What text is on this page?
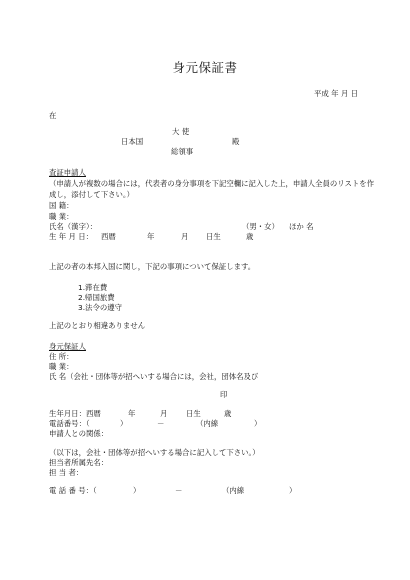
身元保証書
平成 年 月 日
在
大 使
日本国	殿
総領事
査証申請人
（申請人が複数の場合には，代表者の身分事項を下記空欄に記入した上，申請人全員のリストを作成し，添付して下さい。）
国 籍：
職 業：
氏名（漢字）：	（男・女） ほか 名
生 年 月 日： 西暦	年	月 日生	歳
上記の者の本邦入国に関し，下記の事項について保証します。
1.滞在費
2.帰国旅費
3.法令の遵守
上記のとおり相違ありません
身元保証人
住 所：
職 業：
氏 名（会社・団体等が招へいする場合には，会社，団体名及び
印
生年月日：西暦	年	月	日生	歳
電話番号：（	）	－	（内線	）
申請人との関係：
（以下は，会社・団体等が招へいする場合に記入して下さい。）
担当者所属先名：
担 当 者：
電 話 番 号：（	）	－	（内線	）
